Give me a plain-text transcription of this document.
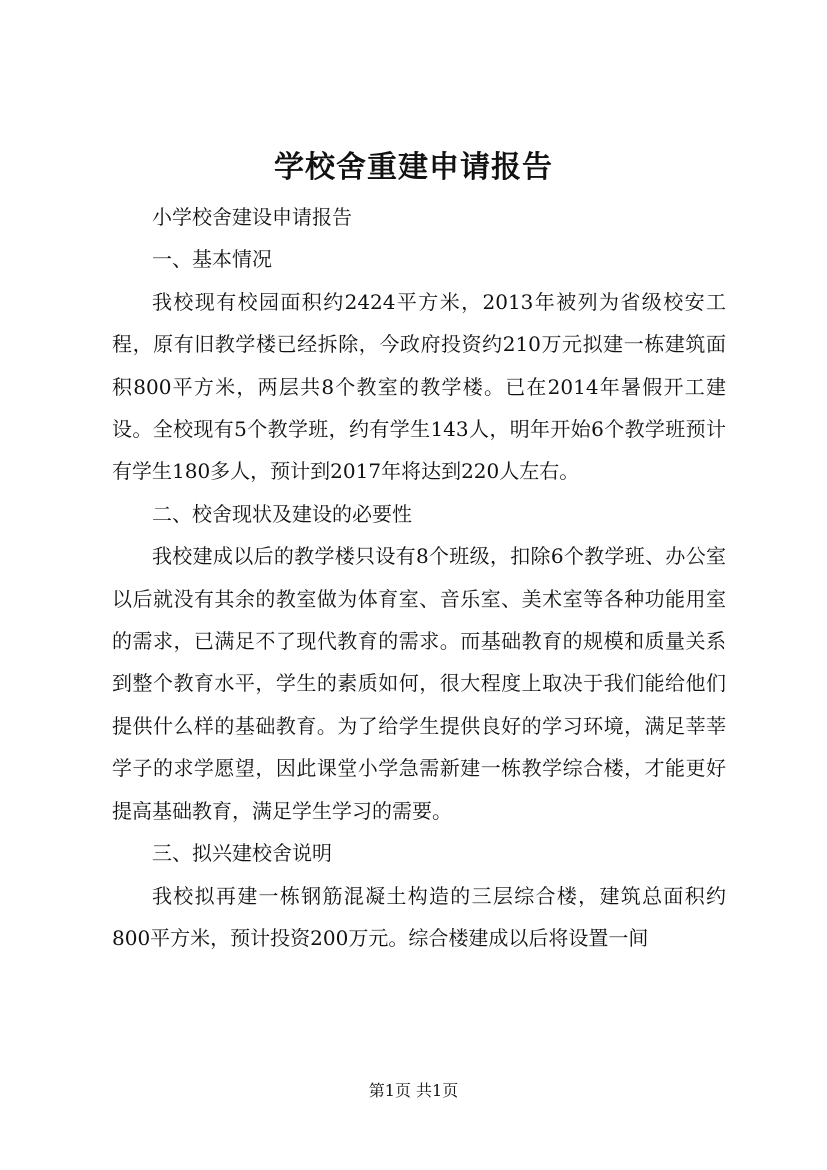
学校舍重建申请报告

小学校舍建设申请报告

一、基本情况

我校现有校园面积约2424平方米，2013年被列为省级校安工程，原有旧教学楼已经拆除，今政府投资约210万元拟建一栋建筑面积800平方米，两层共8个教室的教学楼。已在2014年暑假开工建设。全校现有5个教学班，约有学生143人，明年开始6个教学班预计有学生180多人，预计到2017年将达到220人左右。

二、校舍现状及建设的必要性

我校建成以后的教学楼只设有8个班级，扣除6个教学班、办公室以后就没有其余的教室做为体育室、音乐室、美术室等各种功能用室的需求，已满足不了现代教育的需求。而基础教育的规模和质量关系到整个教育水平，学生的素质如何，很大程度上取决于我们能给他们提供什么样的基础教育。为了给学生提供良好的学习环境，满足莘莘学子的求学愿望，因此课堂小学急需新建一栋教学综合楼，才能更好提高基础教育，满足学生学习的需要。

三、拟兴建校舍说明

我校拟再建一栋钢筋混凝土构造的三层综合楼，建筑总面积约800平方米，预计投资200万元。综合楼建成以后将设置一间

第1页 共1页
